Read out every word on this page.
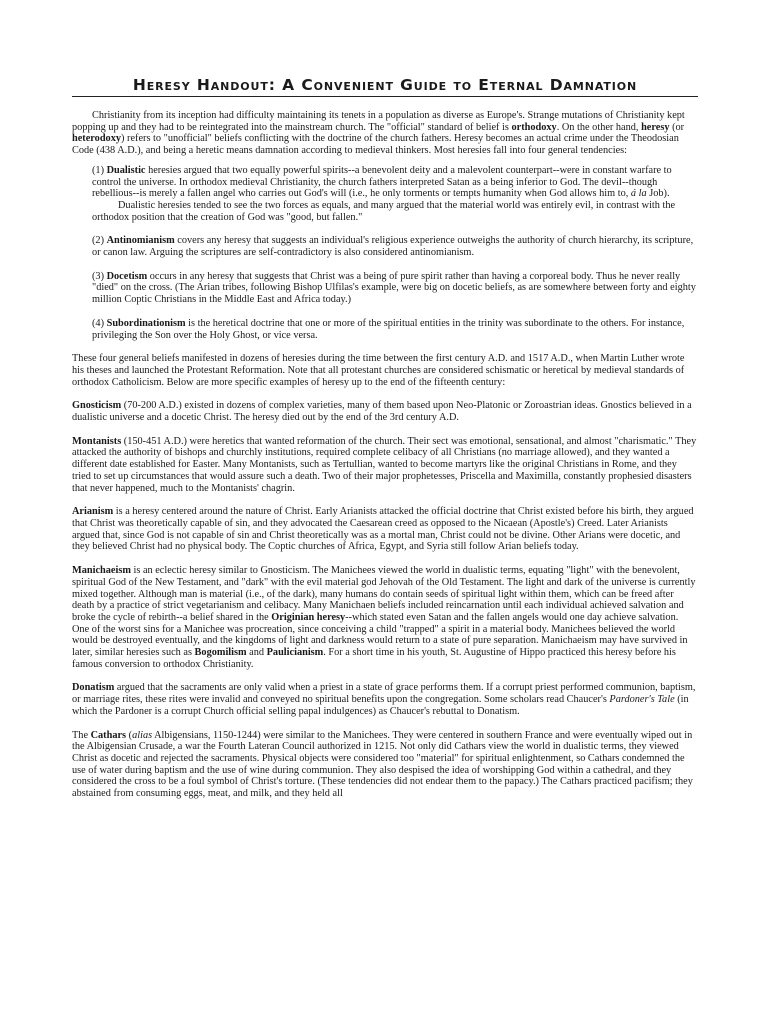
Heresy Handout: A Convenient Guide to Eternal Damnation

Christianity from its inception had difficulty maintaining its tenets in a population as diverse as Europe's. Strange mutations of Christianity kept popping up and they had to be reintegrated into the mainstream church. The "official" standard of belief is orthodoxy. On the other hand, heresy (or heterodoxy) refers to "unofficial" beliefs conflicting with the doctrine of the church fathers. Heresy becomes an actual crime under the Theodosian Code (438 A.D.), and being a heretic means damnation according to medieval thinkers. Most heresies fall into four general tendencies:

(1) Dualistic heresies argued that two equally powerful spirits--a benevolent deity and a malevolent counterpart--were in constant warfare to control the universe. In orthodox medieval Christianity, the church fathers interpreted Satan as a being inferior to God. The devil--though rebellious--is merely a fallen angel who carries out God's will (i.e., he only torments or tempts humanity when God allows him to, á la Job).

Dualistic heresies tended to see the two forces as equals, and many argued that the material world was entirely evil, in contrast with the orthodox position that the creation of God was "good, but fallen."

(2) Antinomianism covers any heresy that suggests an individual's religious experience outweighs the authority of church hierarchy, its scripture, or canon law. Arguing the scriptures are self-contradictory is also considered antinomianism.

(3) Docetism occurs in any heresy that suggests that Christ was a being of pure spirit rather than having a corporeal body. Thus he never really "died" on the cross. (The Arian tribes, following Bishop Ulfilas's example, were big on docetic beliefs, as are somewhere between forty and eighty million Coptic Christians in the Middle East and Africa today.)

(4) Subordinationism is the heretical doctrine that one or more of the spiritual entities in the trinity was subordinate to the others. For instance, privileging the Son over the Holy Ghost, or vice versa.

These four general beliefs manifested in dozens of heresies during the time between the first century A.D. and 1517 A.D., when Martin Luther wrote his theses and launched the Protestant Reformation. Note that all protestant churches are considered schismatic or heretical by medieval standards of orthodox Catholicism. Below are more specific examples of heresy up to the end of the fifteenth century:

Gnosticism (70-200 A.D.) existed in dozens of complex varieties, many of them based upon Neo-Platonic or Zoroastrian ideas. Gnostics believed in a dualistic universe and a docetic Christ. The heresy died out by the end of the 3rd century A.D.

Montanists (150-451 A.D.) were heretics that wanted reformation of the church. Their sect was emotional, sensational, and almost "charismatic." They attacked the authority of bishops and churchly institutions, required complete celibacy of all Christians (no marriage allowed), and they wanted a different date established for Easter. Many Montanists, such as Tertullian, wanted to become martyrs like the original Christians in Rome, and they tried to set up circumstances that would assure such a death. Two of their major prophetesses, Priscella and Maximilla, constantly prophesied disasters that never happened, much to the Montanists' chagrin.

Arianism is a heresy centered around the nature of Christ. Early Arianists attacked the official doctrine that Christ existed before his birth, they argued that Christ was theoretically capable of sin, and they advocated the Caesarean creed as opposed to the Nicaean (Apostle's) Creed. Later Arianists argued that, since God is not capable of sin and Christ theoretically was as a mortal man, Christ could not be divine. Other Arians were docetic, and they believed Christ had no physical body. The Coptic churches of Africa, Egypt, and Syria still follow Arian beliefs today.

Manichaeism is an eclectic heresy similar to Gnosticism. The Manichees viewed the world in dualistic terms, equating "light" with the benevolent, spiritual God of the New Testament, and "dark" with the evil material god Jehovah of the Old Testament. The light and dark of the universe is currently mixed together. Although man is material (i.e., of the dark), many humans do contain seeds of spiritual light within them, which can be freed after death by a practice of strict vegetarianism and celibacy. Many Manichaen beliefs included reincarnation until each individual achieved salvation and broke the cycle of rebirth--a belief shared in the Originian heresy--which stated even Satan and the fallen angels would one day achieve salvation. One of the worst sins for a Manichee was procreation, since conceiving a child "trapped" a spirit in a material body. Manichees believed the world would be destroyed eventually, and the kingdoms of light and darkness would return to a state of pure separation. Manichaeism may have survived in later, similar heresies such as Bogomilism and Paulicianism. For a short time in his youth, St. Augustine of Hippo practiced this heresy before his famous conversion to orthodox Christianity.

Donatism argued that the sacraments are only valid when a priest in a state of grace performs them. If a corrupt priest performed communion, baptism, or marriage rites, these rites were invalid and conveyed no spiritual benefits upon the congregation. Some scholars read Chaucer's Pardoner's Tale (in which the Pardoner is a corrupt Church official selling papal indulgences) as Chaucer's rebuttal to Donatism.

The Cathars (alias Albigensians, 1150-1244) were similar to the Manichees. They were centered in southern France and were eventually wiped out in the Albigensian Crusade, a war the Fourth Lateran Council authorized in 1215. Not only did Cathars view the world in dualistic terms, they viewed Christ as docetic and rejected the sacraments. Physical objects were considered too "material" for spiritual enlightenment, so Cathars condemned the use of water during baptism and the use of wine during communion. They also despised the idea of worshipping God within a cathedral, and they considered the cross to be a foul symbol of Christ's torture. (These tendencies did not endear them to the papacy.) The Cathars practiced pacifism; they abstained from consuming eggs, meat, and milk, and they held all
